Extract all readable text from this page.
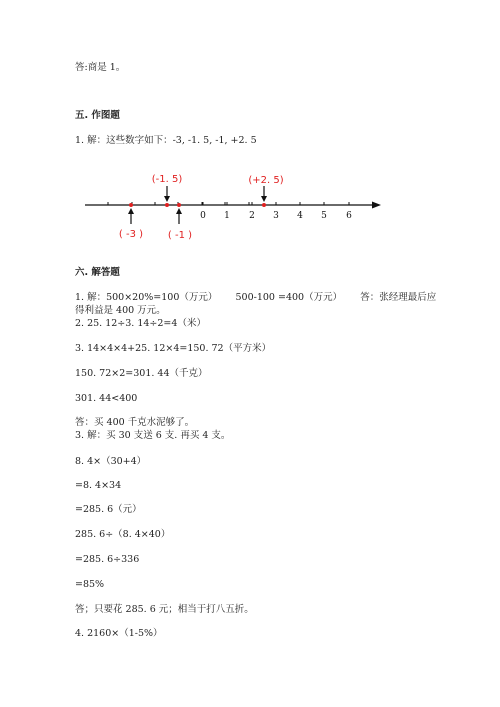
答:商是 1。
五. 作图题
1. 解：这些数字如下：-3, -1. 5, -1, +2. 5
0 1 2 3 4 5 6
(-1. 5)	(+2. 5)
( -3 ) ( -1 )
六. 解答题
1. 解：500×20%=100（万元）      500-100 =400（万元）      答：张经理最后应
得利益是 400 万元。
2. 25. 12÷3. 14÷2=4（米）
3. 14×4×4+25. 12×4=150. 72（平方米）
150. 72×2=301. 44（千克）
301. 44<400
答：买 400 千克水泥够了。
3. 解：买 30 支送 6 支. 再买 4 支。
8. 4×（30+4）
=8. 4×34
=285. 6（元）
285. 6÷（8. 4×40）
=285. 6÷336
=85%
答；只要花 285. 6 元；相当于打八五折。
4. 2160×（1-5%）
